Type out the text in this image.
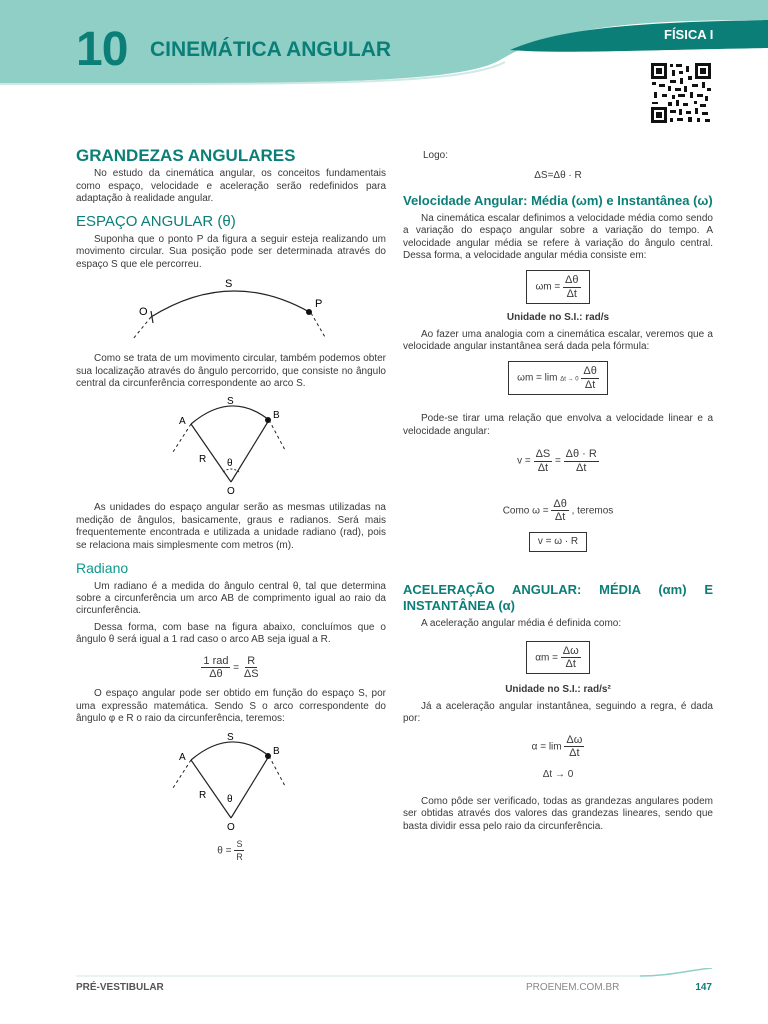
10 CINEMÁTICA ANGULAR
FÍSICA I
GRANDEZAS ANGULARES

No estudo da cinemática angular, os conceitos fundamentais como espaço, velocidade e aceleração serão redefinidos para adaptação à realidade angular.

ESPAÇO ANGULAR (θ)

Suponha que o ponto P da figura a seguir esteja realizando um movimento circular. Sua posição pode ser determinada através do espaço S que ele percorreu.

S
O
P

Como se trata de um movimento circular, também podemos obter sua localização através do ângulo percorrido, que consiste no ângulo central da circunferência correspondente ao arco S.

S
A
B
R θ
O

As unidades do espaço angular serão as mesmas utilizadas na medição de ângulos, basicamente, graus e radianos. Será mais frequentemente encontrada e utilizada a unidade radiano (rad), pois se relaciona mais simplesmente com metros (m).

Radiano

Um radiano é a medida do ângulo central θ, tal que determina sobre a circunferência um arco AB de comprimento igual ao raio da circunferência.

Dessa forma, com base na figura abaixo, concluímos que o ângulo θ será igual a 1 rad caso o arco AB seja igual a R.

$\frac{\text{1 rad}}{\Delta\theta} = \frac{R}{\Delta S}$

O espaço angular pode ser obtido em função do espaço S, por uma expressão matemática. Sendo S o arco correspondente do ângulo φ e R o raio da circunferência, teremos:

S
A
B
R θ
O
$\theta = \frac{S}{R}$
Logo:
ΔS=Δθ · R
Velocidade Angular: Média (ωm) e Instantânea (ω)

Na cinemática escalar definimos a velocidade média como sendo a variação do espaço angular sobre a variação do tempo. A velocidade angular média se refere à variação do ângulo central. Dessa forma, a velocidade angular média consiste em:

$\omega m = \frac{\Delta\theta}{\Delta t}$
Unidade no S.I.: rad/s

Ao fazer uma analogia com a cinemática escalar, veremos que a velocidade angular instantânea será dada pela fórmula:

$\omega m = \lim \Delta t \to 0 \frac{\Delta\theta}{\Delta t}$

Pode-se tirar uma relação que envolva a velocidade linear e a velocidade angular:

$v = \frac{\Delta S}{\Delta t} = \frac{\Delta\theta \cdot R}{\Delta t}$
Como $\omega = \frac{\Delta\theta}{\Delta t}$ , teremos
v = ω · R
ACELERAÇÃO ANGULAR: MÉDIA (αm) E INSTANTÂNEA (α)

A aceleração angular média é definida como:

$\alpha m = \frac{\Delta\omega}{\Delta t}$
Unidade no S.I.: rad/s²

Já a aceleração angular instantânea, seguindo a regra, é dada por:

$\alpha = \lim \frac{\Delta\omega}{\Delta t}$
Δt → 0

Como pôde ser verificado, todas as grandezas angulares podem ser obtidas através dos valores das grandezas lineares, sendo que basta dividir essa pelo raio da circunferência.

PRÉ-VESTIBULAR	PROENEM.COM.BR	147
